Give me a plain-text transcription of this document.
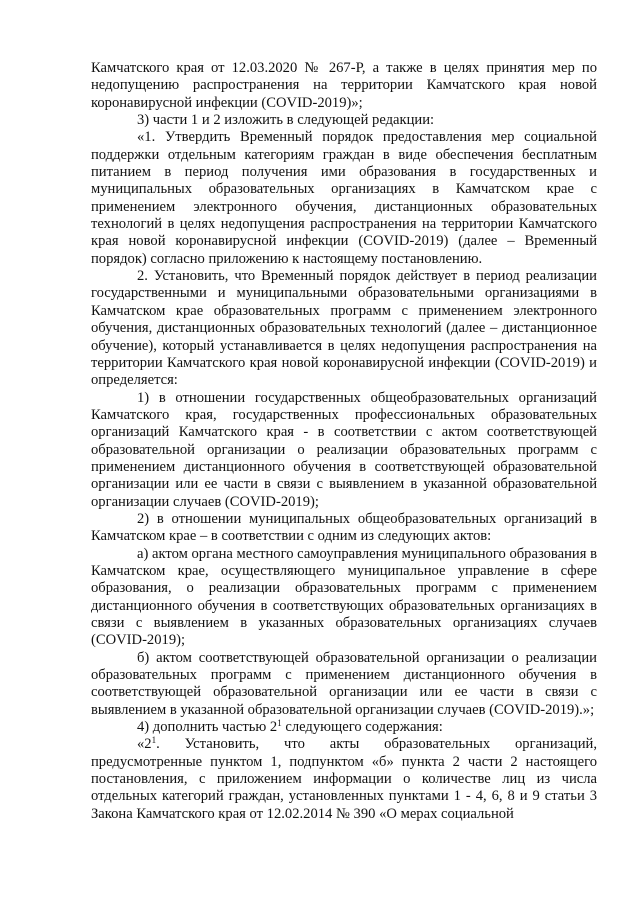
Камчатского края от 12.03.2020 № 267-Р, а также в целях принятия мер по недопущению распространения на территории Камчатского края новой коронавирусной инфекции (COVID-2019)»;

3) части 1 и 2 изложить в следующей редакции:

«1. Утвердить Временный порядок предоставления мер социальной поддержки отдельным категориям граждан в виде обеспечения бесплатным питанием в период получения ими образования в государственных и муниципальных образовательных организациях в Камчатском крае с применением электронного обучения, дистанционных образовательных технологий в целях недопущения распространения на территории Камчатского края новой коронавирусной инфекции (COVID-2019) (далее – Временный порядок) согласно приложению к настоящему постановлению.

2. Установить, что Временный порядок действует в период реализации государственными и муниципальными образовательными организациями в Камчатском крае образовательных программ с применением электронного обучения, дистанционных образовательных технологий (далее – дистанционное обучение), который устанавливается в целях недопущения распространения на территории Камчатского края новой коронавирусной инфекции (COVID-2019) и определяется:

1) в отношении государственных общеобразовательных организаций Камчатского края, государственных профессиональных образовательных организаций Камчатского края - в соответствии с актом соответствующей образовательной организации о реализации образовательных программ с применением дистанционного обучения в соответствующей образовательной организации или ее части в связи с выявлением в указанной образовательной организации случаев (COVID-2019);

2) в отношении муниципальных общеобразовательных организаций в Камчатском крае – в соответствии с одним из следующих актов:

а) актом органа местного самоуправления муниципального образования в Камчатском крае, осуществляющего муниципальное управление в сфере образования, о реализации образовательных программ с применением дистанционного обучения в соответствующих образовательных организациях в связи с выявлением в указанных образовательных организациях случаев (COVID-2019);

б) актом соответствующей образовательной организации о реализации образовательных программ с применением дистанционного обучения в соответствующей образовательной организации или ее части в связи с выявлением в указанной образовательной организации случаев (COVID-2019).»;

4) дополнить частью $2^1$ следующего содержания:

«$2^1$. Установить, что акты образовательных организаций, предусмотренные пунктом 1, подпунктом «б» пункта 2 части 2 настоящего постановления, с приложением информации о количестве лиц из числа отдельных категорий граждан, установленных пунктами 1 - 4, 6, 8 и 9 статьи 3 Закона Камчатского края от 12.02.2014 № 390 «О мерах социальной
